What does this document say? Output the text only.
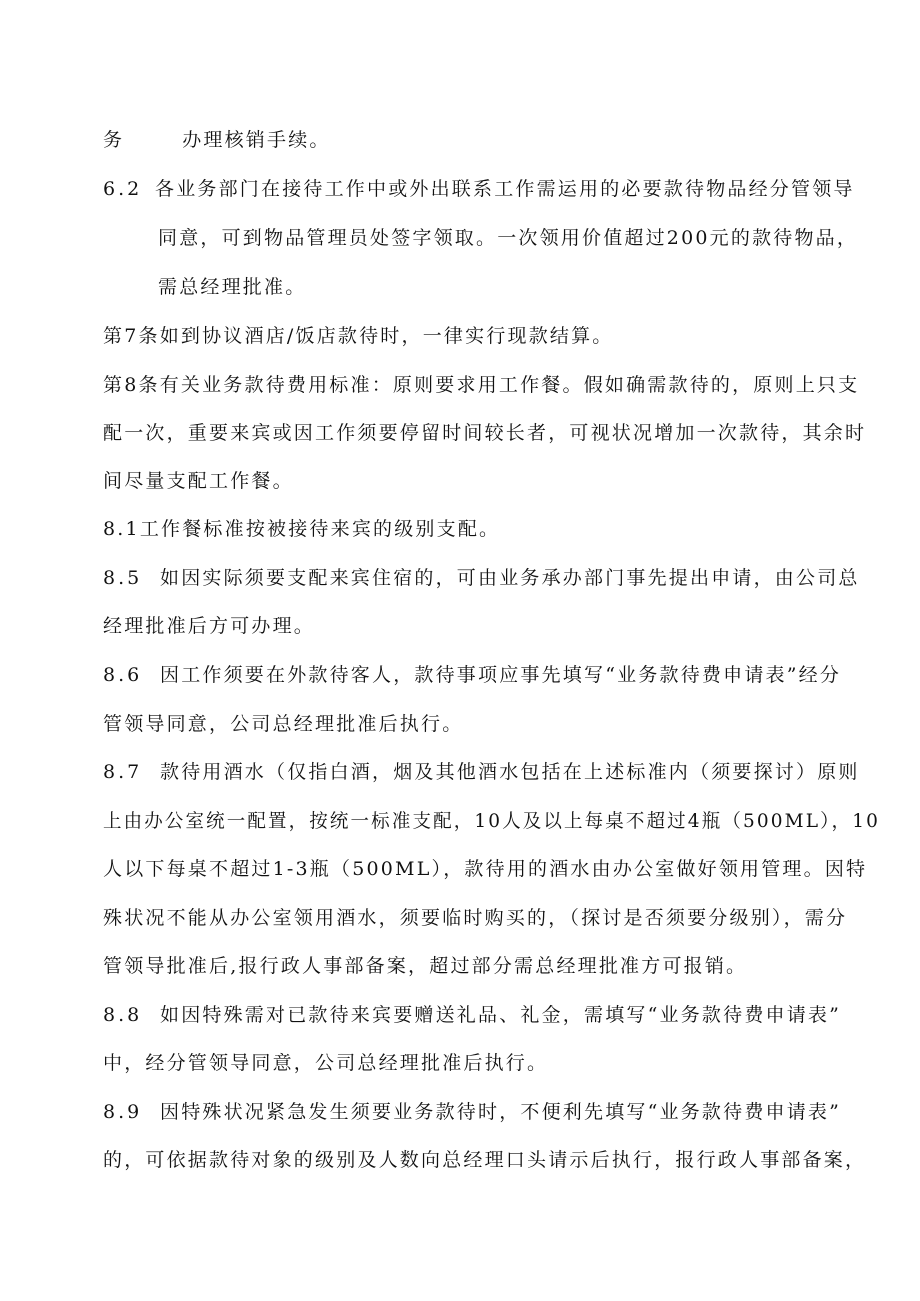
务	办理核销手续。
6.2 各业务部门在接待工作中或外出联系工作需运用的必要款待物品经分管领导
同意，可到物品管理员处签字领取。一次领用价值超过200元的款待物品，
需总经理批准。
第7条如到协议酒店/饭店款待时，一律实行现款结算。
第8条有关业务款待费用标准：原则要求用工作餐。假如确需款待的，原则上只支
配一次，重要来宾或因工作须要停留时间较长者，可视状况增加一次款待，其余时
间尽量支配工作餐。
8.1工作餐标准按被接待来宾的级别支配。
8.5 如因实际须要支配来宾住宿的，可由业务承办部门事先提出申请，由公司总
经理批准后方可办理。
8.6 因工作须要在外款待客人，款待事项应事先填写“业务款待费申请表”经分
管领导同意，公司总经理批准后执行。
8.7 款待用酒水（仅指白酒，烟及其他酒水包括在上述标准内（须要探讨）原则
上由办公室统一配置，按统一标准支配，10人及以上每桌不超过4瓶（500ML），10
人以下每桌不超过1-3瓶（500ML），款待用的酒水由办公室做好领用管理。因特
殊状况不能从办公室领用酒水，须要临时购买的，（探讨是否须要分级别），需分
管领导批准后,报行政人事部备案，超过部分需总经理批准方可报销。
8.8 如因特殊需对已款待来宾要赠送礼品、礼金，需填写“业务款待费申请表”
中，经分管领导同意，公司总经理批准后执行。
8.9 因特殊状况紧急发生须要业务款待时，不便利先填写“业务款待费申请表”
的，可依据款待对象的级别及人数向总经理口头请示后执行，报行政人事部备案，
